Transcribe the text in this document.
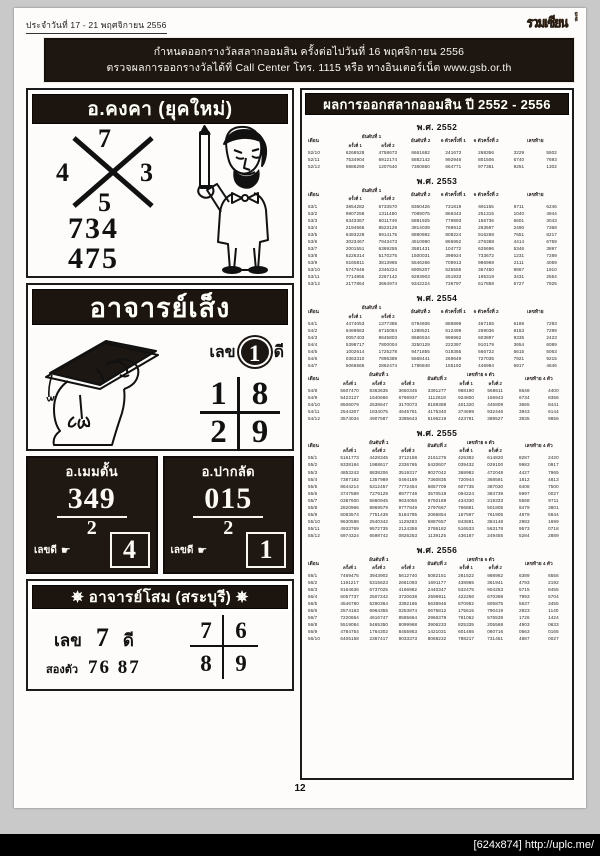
ประจำวันที่ 17 - 21 พฤศจิกายน 2556	รวมเซียน ปี
ที่
กำหนดออกรางวัลสลากออมสิน ครั้งต่อไปวันที่ 16 พฤศจิกายน 2556
ตรวจผลการออกรางวัลได้ที่ Call Center โทร. 1115 หรือ ทางอินเตอร์เน็ต www.gsb.or.th
อ.คงคา (ยุคใหม่)
7
4	3
5
734
475
อาจารย์เส็ง
เลข 1 ดี
1 8
2 9
อ.เมมดั้น
349
2
เลขดี ☛	4
อ.ปากลัด
015
2
เลขดี ☛	1
✵ อาจารย์โสม (สระบุรี) ✵
เลข 7 ดี
สองตัว 76 87
7	6
8	9
ผลการออกสลากออมสิน ปี 2552 - 2556
พ.ศ. 2552
เดือน	อันดับที่ 1		อันดับที่ 2	6 ตัวครั้งที่ 1	6 ตัวครั้งที่ 2	เลขท้าย	
	ครั้งที่ 1	ครั้งที่ 2					
52/10	6268528	4758673	6661682	241673	268356	3229	5502
52/11	7534904	6912174	5882142	992946	801506	6740	7693
52/12	9886290	1207540	7360860	664771	977361	9251	1302
พ.ศ. 2553
เดือน	อันดับที่ 1		อันดับที่ 2	6 ตัวครั้งที่ 1	6 ตัวครั้งที่ 2	เลขท้าย	
	ครั้งที่ 1	ครั้งที่ 2					
53/1	3854282	6733570	8360426	731819	691155	6711	6246
53/2	9907258	1311480	7089075	866343	251315	1040	4944
53/3	6343367	6011749	5881925	779893	156736	5601	3043
53/4	2194565	8523128	3814039	768912	263597	2490	7368
53/5	6483228	6914175	8880982	808224	916268	7651	8217
53/6	3023467	7943473	4510990	866952	276368	4414	6759
53/7	2001551	6369255	3581431	104772	625696	5346	3897
53/8	6226314	5170275	1500031	398924	733672	1231	7289
53/9	8165811	3813965	5546266	708913	986969	2111	4059
53/10	5747646	2346224	6905207	525555	367450	9867	1910
53/11	7714855	2267142	9293903	251933	195319	3431	2554
53/12	2177864	3664974	9342224	736797	617858	5727	7925
พ.ศ. 2554
เดือน	อันดับที่ 1		อันดับที่ 2	6 ตัวครั้งที่ 1	6 ตัวครั้งที่ 2	เลขท้าย	
	ครั้งที่ 1	ครั้งที่ 2					
54/1	4474053	1377385	6794606	886899	467155	6189	7293
54/2	6469663	6715084	1288521	612499	269036	8153	7299
54/3	0057403	8645803	8686534	996962	603897	9335	2423
54/4	5398717	7800004	3250129	222397	910179	3654	6089
54/5	1002614	1725278	9471855	018355	566722	6615	5063
54/6	0363310	7895389	5568441	269649	727035	7921	9215
54/7	5066565	2862474	1786848	155192	446984	6917	4646
เดือน	อันดับที่ 1			อันดับที่ 2	เลขท้าย 6 ตัว		เลขท้าย 4 ตัว	
	ครั้งที่ 1	ครั้งที่ 2	ครั้งที่ 3		ครั้งที่ 1	ครั้งที่ 2		
54/8	5607470	8363635	3650345	3391277	988190	568611	8648	4400
54/9	5423127	1640666	6766937	1112619	924800	156943	6734	8356
54/10	8506079	2538647	3170073	8189388	401320	445809	3665	8441
54/11	2544307	1834075	4645781	4175340	374699	932446	3943	6144
54/12	3574034	4907587	3395643	5196219	423781	389527	3935	9856
พ.ศ. 2555
เดือน	อันดับที่ 1			อันดับที่ 2	เลขท้าย 6 ตัว		เลขท้าย 4 ตัว	
	ครั้งที่ 1	ครั้งที่ 2	ครั้งที่ 3		ครั้งที่ 1	ครั้งที่ 2		
55/1	5161773	4428345	3712158	2161276	425382	614820	8287	2420
55/2	9338194	1988617	2336765	5420607	039432	029100	9983	0917
55/3	4853243	8838206	3519317	9027042	368982	472048	4427	7965
55/4	7387192	1357989	0494189	7360835	720944	368591	1812	4813
55/5	8644214	5312457	7772454	6857709	607735	387030	6408	7500
55/6	3747589	7279129	8977748	3570518	094224	384739	5997	0027
55/7	0387600	5860945	9634056	8750189	434330	219333	5568	9711
55/8	2820966	8969579	9777849	2797667	766881	501805	8479	3801
55/9	6083574	7751439	5184785	2066854	167597	761905	4879	5644
55/10	9630588	2540342	1129283	6887657	843681	384148	2983	1699
55/11	4933769	9572735	2124359	2786182	516533	563178	9573	0718
55/12	6974324	6598742	0826253	1139125	436187	249455	5284	2889
พ.ศ. 2556
เดือน	อันดับที่ 1			อันดับที่ 2	เลขท้าย 6 ตัว		เลขท้าย 4 ตัว	
	ครั้งที่ 1	ครั้งที่ 2	ครั้งที่ 3		ครั้งที่ 1	ครั้งที่ 2		
56/1	7469475	3943902	5612740	5082151	281522	988962	6389	6556
56/2	1191217	5315623	2661093	1691177	438965	361941	4793	2192
56/3	9164636	6737025	4166982	2440347	532475	904253	5715	8455
56/4	6057737	2507242	3720638	2598911	422256	670398	7993	5704
56/5	4546780	5290364	3392166	5638946	870952	805875	5637	3455
56/6	2574163	6964355	0253874	0675812	175615	790419	2923	1140
56/7	7220664	4616747	8585664	2966378	761062	576539	1726	1424
56/8	5519084	5465350	8099968	3906233	825335	205568	4903	0633
56/9	4784754	1764302	8455953	1421031	601465	060716	0663	0165
56/10	6405158	2367417	9033373	8068232	788217	731451	4887	0027
12
[624x874] http://uplc.me/
